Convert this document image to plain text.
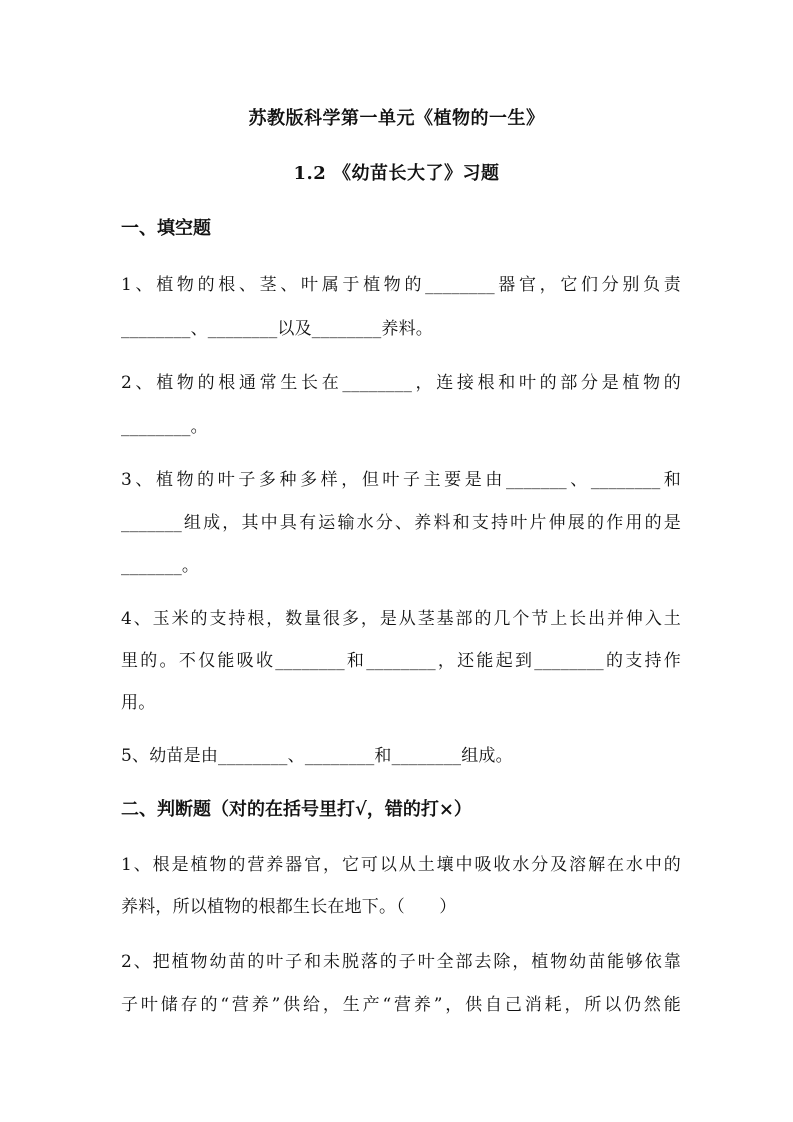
苏教版科学第一单元《植物的一生》
1.2 《幼苗长大了》习题
一、填空题
1、植物的根、茎、叶属于植物的________器官，它们分别负责
________、________以及________养料。
2、植物的根通常生长在________，连接根和叶的部分是植物的
________。
3、植物的叶子多种多样，但叶子主要是由_______、________和
_______组成，其中具有运输水分、养料和支持叶片伸展的作用的是
_______。
4、玉米的支持根，数量很多，是从茎基部的几个节上长出并伸入土
里的。不仅能吸收________和________，还能起到________的支持作
用。
5、幼苗是由________、________和________组成。
二、判断题（对的在括号里打√，错的打×）
1、根是植物的营养器官，它可以从土壤中吸收水分及溶解在水中的
养料，所以植物的根都生长在地下。（　　）
2、把植物幼苗的叶子和未脱落的子叶全部去除，植物幼苗能够依靠
子叶储存的“营养”供给，生产“营养”，供自己消耗，所以仍然能
